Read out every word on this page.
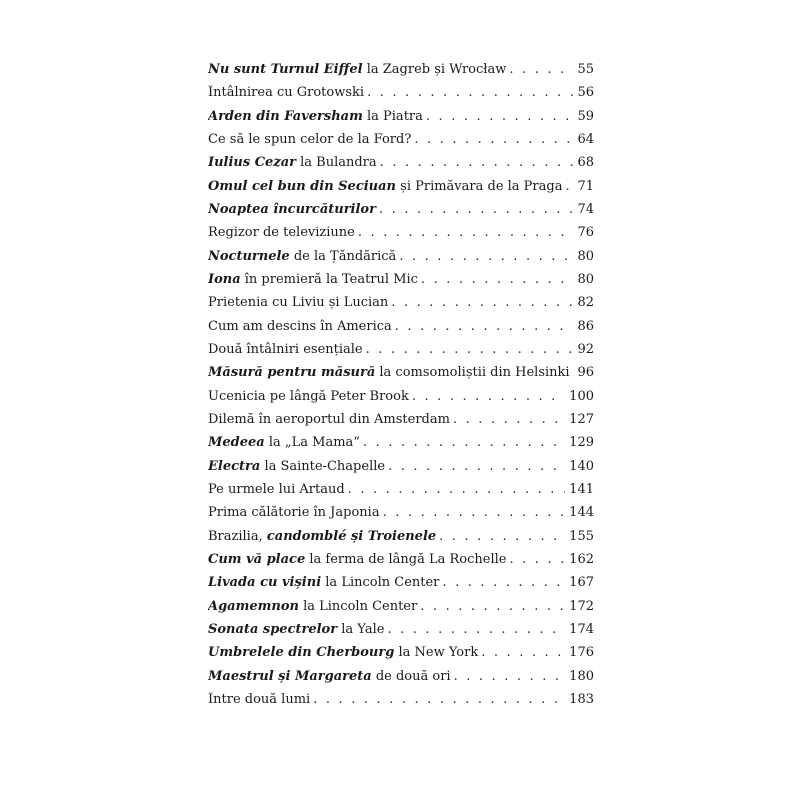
Nu sunt Turnul Eiffel la Zagreb și Wrocław . . .	55
Întâlnirea cu Grotowski . . .	56
Arden din Faversham la Piatra . . .	59
Ce să le spun celor de la Ford? . . .	64
Iulius Cezar la Bulandra . . .	68
Omul cel bun din Seciuan și Primăvara de la Praga . . . 71
Noaptea încurcăturilor . . .	74
Regizor de televiziune . . .	76
Nocturnele de la Țăndărică . . .	80
Iona în premieră la Teatrul Mic . . .	80
Prietenia cu Liviu și Lucian . . .	82
Cum am descins în America . . .	86
Două întâlniri esențiale . . .	92
Măsură pentru măsură la comsomoliștii din Helsinki . . . 96
Ucenicia pe lângă Peter Brook . . .	100
Dilemă în aeroportul din Amsterdam . . .	127
Medeea la „La Mama“ . . .	129
Electra la Sainte-Chapelle . . .	140
Pe urmele lui Artaud . . .	141
Prima călătorie în Japonia . . .	144
Brazilia, candomblé și Troienele . . .	155
Cum vă place la ferma de lângă La Rochelle . . .	162
Livada cu vișini la Lincoln Center . . .	167
Agamemnon la Lincoln Center . . .	172
Sonata spectrelor la Yale . . .	174
Umbrelele din Cherbourg la New York . . .	176
Maestrul și Margareta de două ori . . .	180
Între două lumi . . .	183
